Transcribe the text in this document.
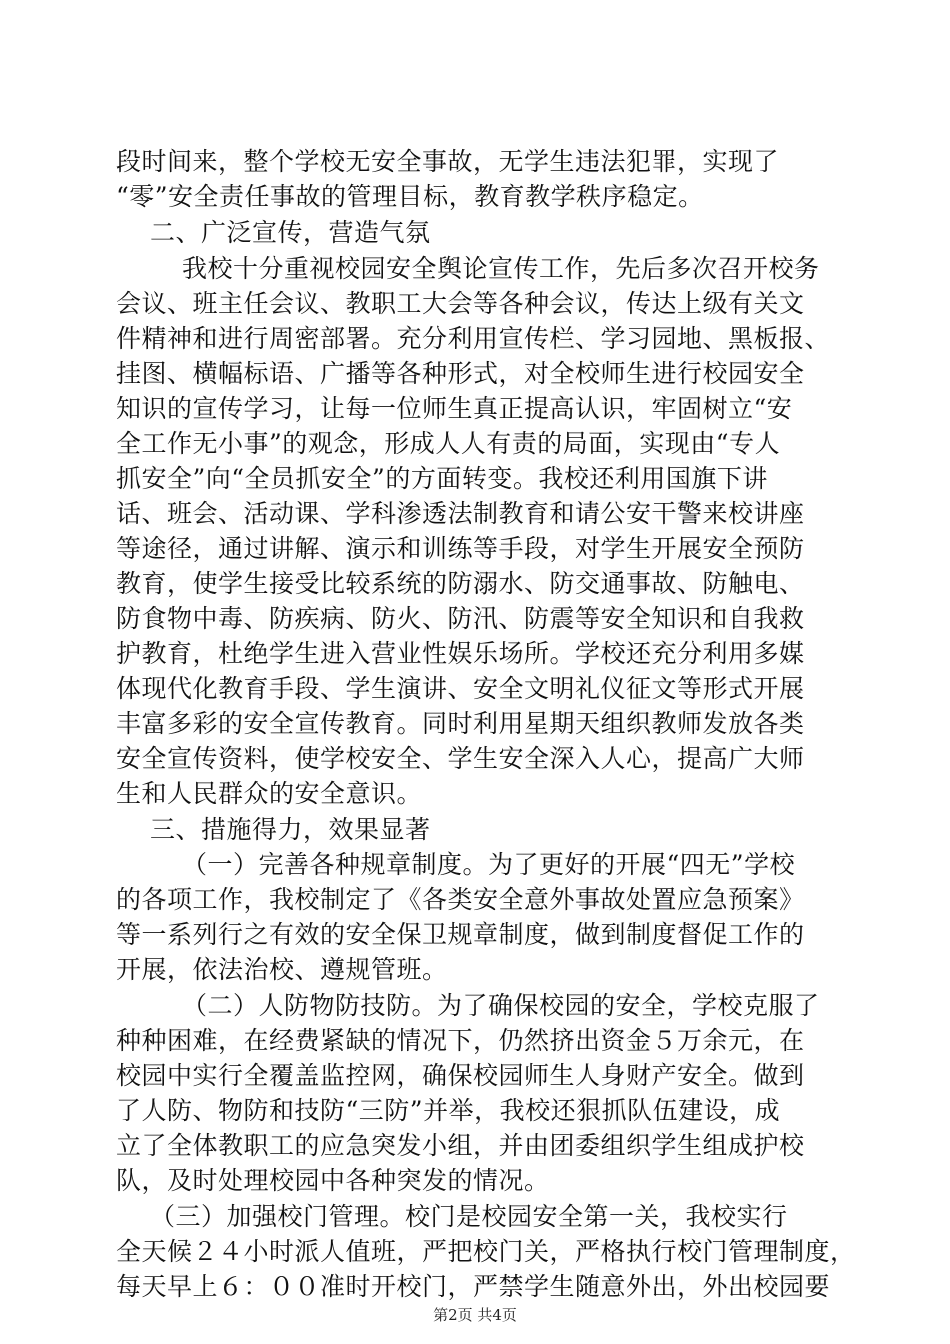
段时间来，整个学校无安全事故，无学生违法犯罪，实现了
“零”安全责任事故的管理目标，教育教学秩序稳定。
二、广泛宣传，营造气氛
我校十分重视校园安全舆论宣传工作，先后多次召开校务
会议、班主任会议、教职工大会等各种会议，传达上级有关文
件精神和进行周密部署。充分利用宣传栏、学习园地、黑板报、
挂图、横幅标语、广播等各种形式，对全校师生进行校园安全
知识的宣传学习，让每一位师生真正提高认识，牢固树立“安
全工作无小事”的观念，形成人人有责的局面，实现由“专人
抓安全”向“全员抓安全”的方面转变。我校还利用国旗下讲
话、班会、活动课、学科渗透法制教育和请公安干警来校讲座
等途径，通过讲解、演示和训练等手段，对学生开展安全预防
教育，使学生接受比较系统的防溺水、防交通事故、防触电、
防食物中毒、防疾病、防火、防汛、防震等安全知识和自我救
护教育，杜绝学生进入营业性娱乐场所。学校还充分利用多媒
体现代化教育手段、学生演讲、安全文明礼仪征文等形式开展
丰富多彩的安全宣传教育。同时利用星期天组织教师发放各类
安全宣传资料，使学校安全、学生安全深入人心，提高广大师
生和人民群众的安全意识。
三、措施得力，效果显著
（一）完善各种规章制度。为了更好的开展“四无”学校
的各项工作，我校制定了《各类安全意外事故处置应急预案》
等一系列行之有效的安全保卫规章制度，做到制度督促工作的
开展，依法治校、遵规管班。
（二）人防物防技防。为了确保校园的安全，学校克服了
种种困难，在经费紧缺的情况下，仍然挤出资金５万余元，在
校园中实行全覆盖监控网，确保校园师生人身财产安全。做到
了人防、物防和技防“三防”并举，我校还狠抓队伍建设，成
立了全体教职工的应急突发小组，并由团委组织学生组成护校
队，及时处理校园中各种突发的情况。
（三）加强校门管理。校门是校园安全第一关，我校实行
全天候２４小时派人值班，严把校门关，严格执行校门管理制度，
每天早上６：００准时开校门，严禁学生随意外出，外出校园要
第2页 共4页
